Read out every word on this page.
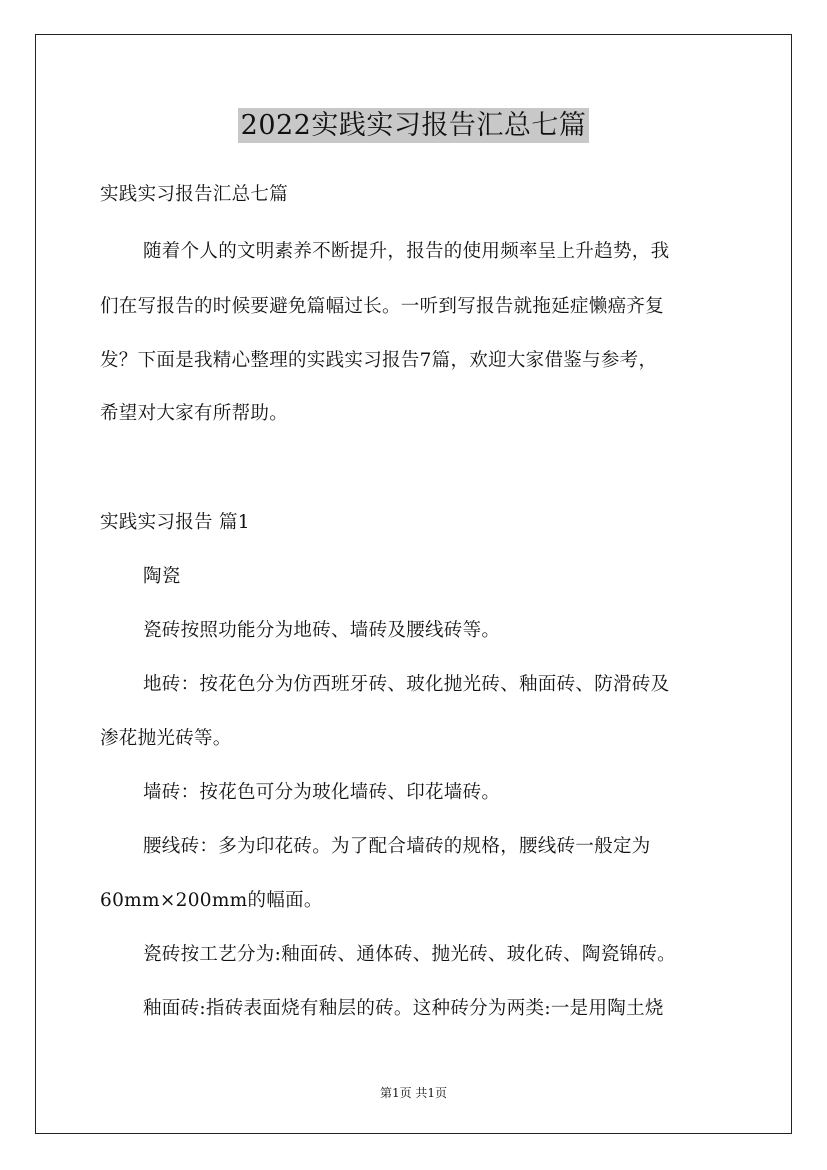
2022实践实习报告汇总七篇
实践实习报告汇总七篇
随着个人的文明素养不断提升，报告的使用频率呈上升趋势，我
们在写报告的时候要避免篇幅过长。一听到写报告就拖延症懒癌齐复
发？下面是我精心整理的实践实习报告7篇，欢迎大家借鉴与参考，
希望对大家有所帮助。
实践实习报告 篇1
陶瓷
瓷砖按照功能分为地砖、墙砖及腰线砖等。
地砖：按花色分为仿西班牙砖、玻化抛光砖、釉面砖、防滑砖及
渗花抛光砖等。
墙砖：按花色可分为玻化墙砖、印花墙砖。
腰线砖：多为印花砖。为了配合墙砖的规格，腰线砖一般定为
60mm×200mm的幅面。
瓷砖按工艺分为:釉面砖、通体砖、抛光砖、玻化砖、陶瓷锦砖。
釉面砖:指砖表面烧有釉层的砖。这种砖分为两类:一是用陶土烧
第1页 共1页
